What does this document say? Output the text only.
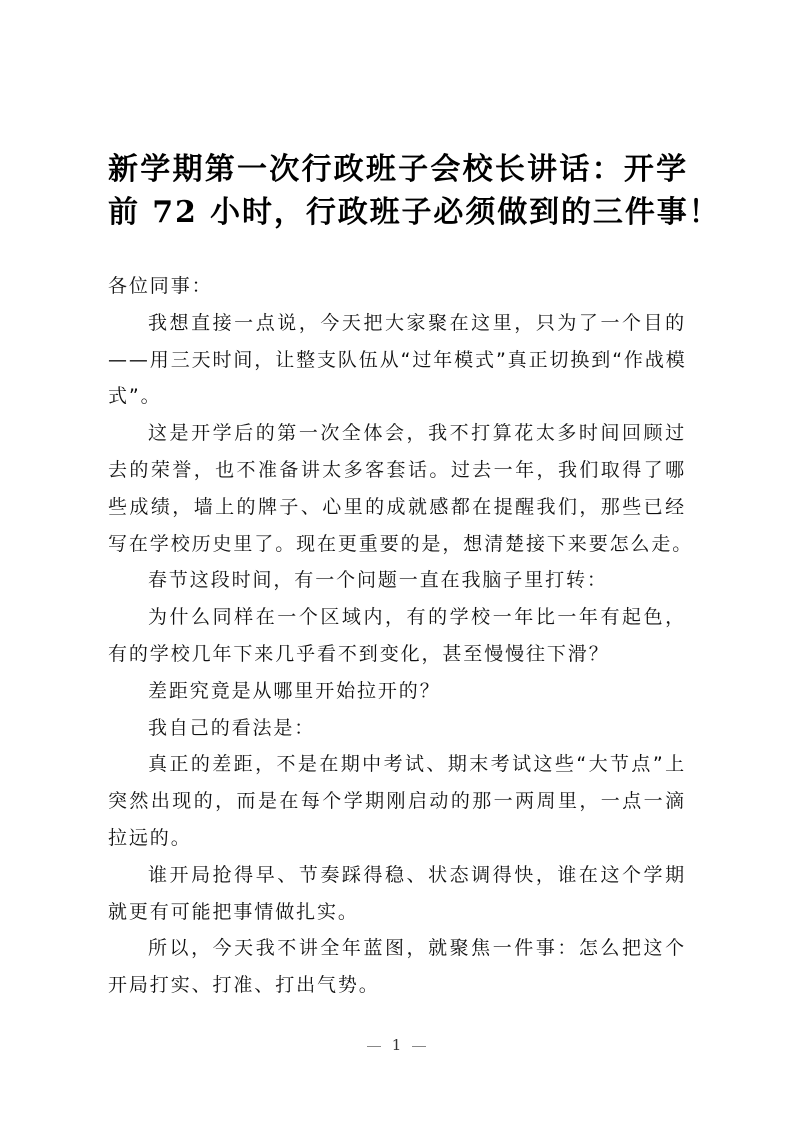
新学期第一次行政班子会校长讲话：开学
前 72 小时，行政班子必须做到的三件事！
各位同事：
我想直接一点说，今天把大家聚在这里，只为了一个目的
——用三天时间，让整支队伍从“过年模式”真正切换到“作战模
式”。
这是开学后的第一次全体会，我不打算花太多时间回顾过
去的荣誉，也不准备讲太多客套话。过去一年，我们取得了哪
些成绩，墙上的牌子、心里的成就感都在提醒我们，那些已经
写在学校历史里了。现在更重要的是，想清楚接下来要怎么走。
春节这段时间，有一个问题一直在我脑子里打转：
为什么同样在一个区域内，有的学校一年比一年有起色，
有的学校几年下来几乎看不到变化，甚至慢慢往下滑？
差距究竟是从哪里开始拉开的？
我自己的看法是：
真正的差距，不是在期中考试、期末考试这些“大节点”上
突然出现的，而是在每个学期刚启动的那一两周里，一点一滴
拉远的。
谁开局抢得早、节奏踩得稳、状态调得快，谁在这个学期
就更有可能把事情做扎实。
所以，今天我不讲全年蓝图，就聚焦一件事：怎么把这个
开局打实、打准、打出气势。
1
